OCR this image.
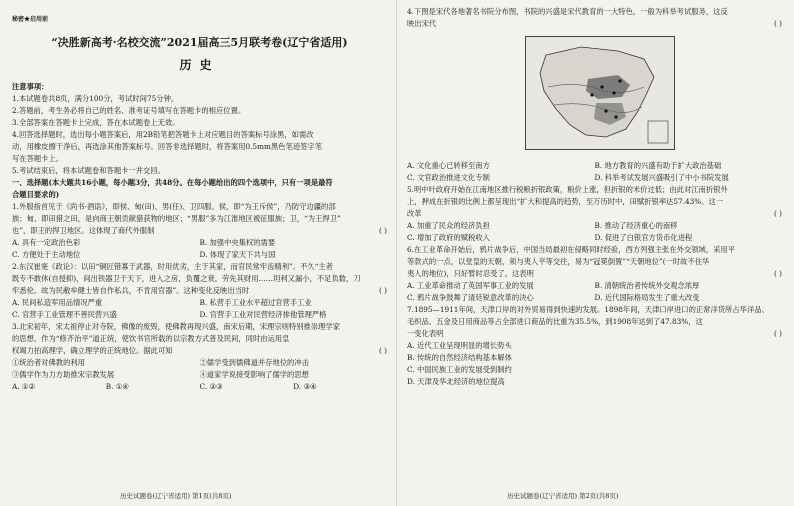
秘密★启用前
“决胜新高考·名校交流”2021届高三5月联考卷(辽宁省适用)
历史
注意事项：
1.本试题卷共8页，满分100分，考试时间75分钟。
2.答题前，考生务必将自己的姓名、准考证号填写在答题卡的相应位置。
3.全部答案在答题卡上完成，答在本试题卷上无效。
4.回答选择题时，选出每小题答案后，用2B铅笔把答题卡上对应题目的答案标号涂黑，如需改
动，用橡皮擦干净后，再选涂其他答案标号。回答非选择题时，将答案用0.5mm黑色笔迹签字笔
写在答题卡上。
5.考试结束后，将本试题卷和答题卡一并交回。
一、选择题(本大题共16小题，每小题3分，共48分。在每小题给出的四个选项中，只有一项是最符
合题目要求的)
1.外服指首见于《尚书·酒诰》，即侯、甸(田)、男(任)、卫四服。侯，即“为王斥侯”，乃防守边疆的部
族；甸、即田猎之田，是向商王朝贡献猎获物的地区；“男服”多为江淮地区被征服族；卫，“为王捍卫”
也”，即王的捍卫地区。这体现了商代外服制	( )
A. 具有一定政治色彩	B. 加强中央集权的需要
C. 方便处于主动地位	D. 体现了家天下共与国
2.东汉崔寔《政论》：以田“铜匠错寡于武器，时用优劣，主于其家，而官民常牢齿精利”。不久“主者
既专不敢休(自授抑)，间出铁器卫于天下，进入之房，负覆之衰，劳先其财用……坦利又漏小，不足负数，刀
牢悉伦。故为民敝牟健士皆自作私兵，不肯用官器”。这种变化反映出当时	( )
A. 民间私造军用品情况严重	B. 私营手工业水平超过官营手工业
C. 官营手工业管理不善民营兴盛	D. 官营手工业对民营经济排他管理严格
3.北宋初年，宋太祖停止对寺院，佛像的废毁，使佛教再现兴盛，南宋后期，宋理宗则特别推崇理学家
的思想，作为“修齐治平”道正统，使饮书官所载的以宗教方式普及民间，同时由运用皇
权竭力拍高理学，确立理学的正统地位。据此可知	( )
①统治者对佛教的利用	②儒学受到儒佛道并存地位的冲击
③儒学作为力方助推宋宗教发展	④道家学说接受影响了儒学的思想
A. ①②	B. ①④	C. ②③	D. ③④
历史试题卷(辽宁省适用) 第1页(共8页)
4.下图是宋代各地著名书院分布图，书院的兴盛是宋代教育的一大特色，一般为科举考试服务，这反
映出宋代	( )
A. 文化重心已转移至南方	B. 地方教育的兴盛有助于扩大政治基础
C. 文官政治推进文化专制	D. 科举考试发展兴盛吸引了中小书院发展
5.明中叶政府开始在江南地区推行税粮折银政策，粮价上涨，但折银的米价过低；由此对江南折银外
上，押成在折银的比例上都呈现出“扩大和提高的趋势，至万历时中，田赋折银率达57.43%。这一
改革	( )
A. 加重了民众的经济负担	B. 推动了经济重心的南移
C. 增加了政府的赋税收入	D. 促进了白银官方货币化进程
6.在工业革命开始后，鸦片战争后，中国当局最初在侵略同时经验，西方列强主张在外交领域，采用平
等款式的一点，以堂皇的天朝，须与夷人平等交往，易为“冠冕倒置”“天朝地位”(一时故不住华
夷人的地位)，只好暂时忍受了。这表明	( )
A. 工业革命推动了英国军事工业的发展	B. 清朝统治者传统外交观念浓厚
C. 鸦片战争鼓舞了清廷锐意改革的决心	D. 近代国际格局发生了重大改变
7.1895—1911年间，天津口岸的对外贸易得到快速的发展。1898年间，天津口岸进口的正常洋货所占华洋品、
毛织品、五金及日用商品等占全部进口商品的比重为35.5%，到1908年达到了47.83%，这
一变化表明	( )
A. 近代工业呈现明显的增长势头
B. 传统的自然经济结构基本解体
C. 中国民族工业的发展受到制约
D. 天津及华北经济的地位提高
历史试题卷(辽宁省适用) 第2页(共8页)
